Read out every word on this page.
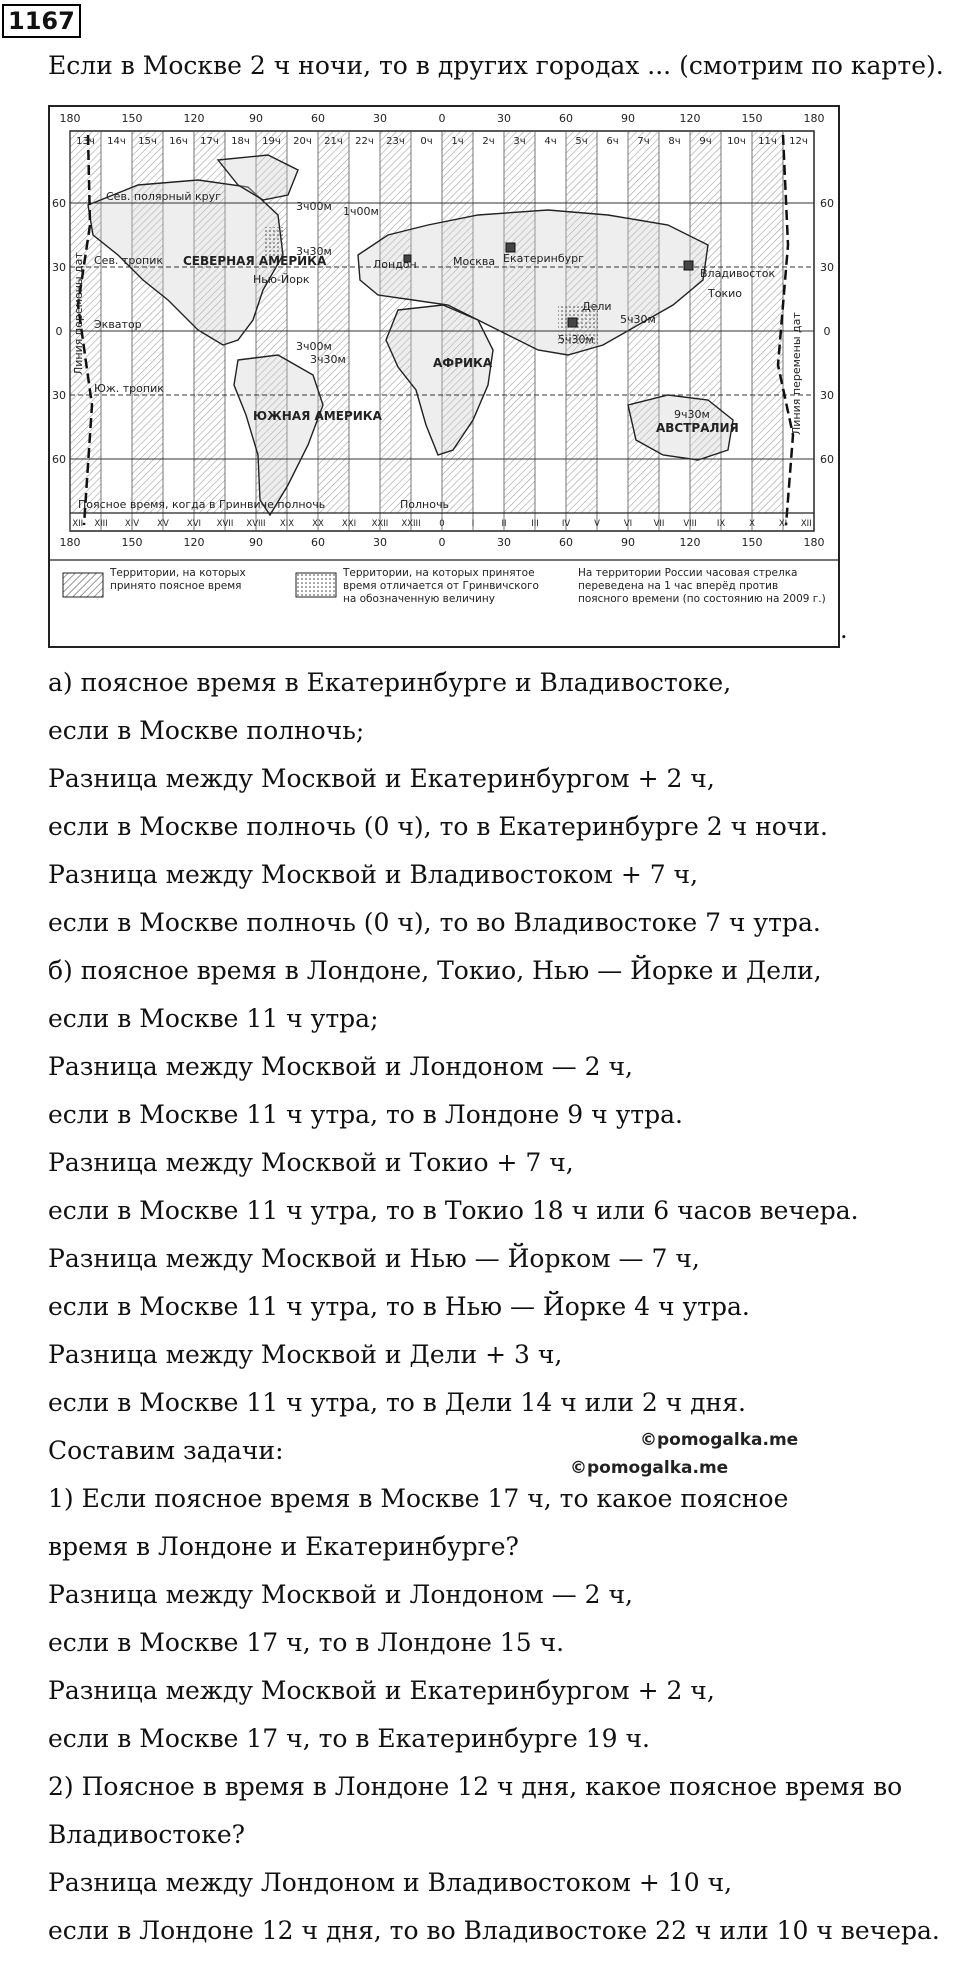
1167
Если в Москве 2 ч ночи, то в других городах ... (смотрим по карте).
13ч 14ч 15ч 16ч 17ч 18ч 19ч 20ч 21ч 22ч 23ч 0ч 1ч 2ч 3ч 4ч 5ч 6ч 7ч 8ч 9ч 10ч 11ч 12ч
180	150	120	90	60	30	0	30	60	90	120	150	180
XII XIII XIV XV XVI XVII XVIII XIX XX XXI XXII XXIII 0	I	II	III	IV	V	VI	VII VIII IX	X	XI XII
180	150	120	90	60	30	0	30	60	90	120	150	180
60
30
0
30
60
60
30
0
30
60
Сев. полярный круг
Сев. тропик
Экватор
Юж. тропик
Нью-Йорк
Лондон	Москва Екатеринбург
Владивосток
Токио
Дели
3ч00м 1ч00м
3ч30м
3ч00м
3ч30м
5ч30м
5ч30м
9ч30м
Полночь
Поясное время, когда в Гринвиче полночь
АФРИКА
АВСТРАЛИЯ
СЕВЕРНАЯ АМЕРИКА
ЮЖНАЯ АМЕРИКА
Линия перемены дат	Линия перемены дат
Территории, на которых принято поясное время
Территории, на которых принятое время отличается от Гринвичского на обозначенную величину
На территории России часовая стрелка переведена на 1 час вперёд против поясного времени (по состоянию на 2009 г.)
.
а) поясное время в Екатеринбурге и Владивостоке,
если в Москве полночь;
Разница между Москвой и Екатеринбургом + 2 ч,
если в Москве полночь (0 ч), то в Екатеринбурге 2 ч ночи.
Разница между Москвой и Владивостоком + 7 ч,
если в Москве полночь (0 ч), то во Владивостоке 7 ч утра.
б) поясное время в Лондоне, Токио, Нью — Йорке и Дели,
если в Москве 11 ч утра;
Разница между Москвой и Лондоном — 2 ч,
если в Москве 11 ч утра, то в Лондоне 9 ч утра.
Разница между Москвой и Токио + 7 ч,
если в Москве 11 ч утра, то в Токио 18 ч или 6 часов вечера.
Разница между Москвой и Нью — Йорком — 7 ч,
если в Москве 11 ч утра, то в Нью — Йорке 4 ч утра.
Разница между Москвой и Дели + 3 ч,
если в Москве 11 ч утра, то в Дели 14 ч или 2 ч дня.
Составим задачи:
1) Если поясное время в Москве 17 ч, то какое поясное
время в Лондоне и Екатеринбурге?
Разница между Москвой и Лондоном — 2 ч,
если в Москве 17 ч, то в Лондоне 15 ч.
Разница между Москвой и Екатеринбургом + 2 ч,
если в Москве 17 ч, то в Екатеринбурге 19 ч.
2) Поясное в время в Лондоне 12 ч дня, какое поясное время во
Владивостоке?
Разница между Лондоном и Владивостоком + 10 ч,
если в Лондоне 12 ч дня, то во Владивостоке 22 ч или 10 ч вечера.
©pomogalka.me
©pomogalka.me
